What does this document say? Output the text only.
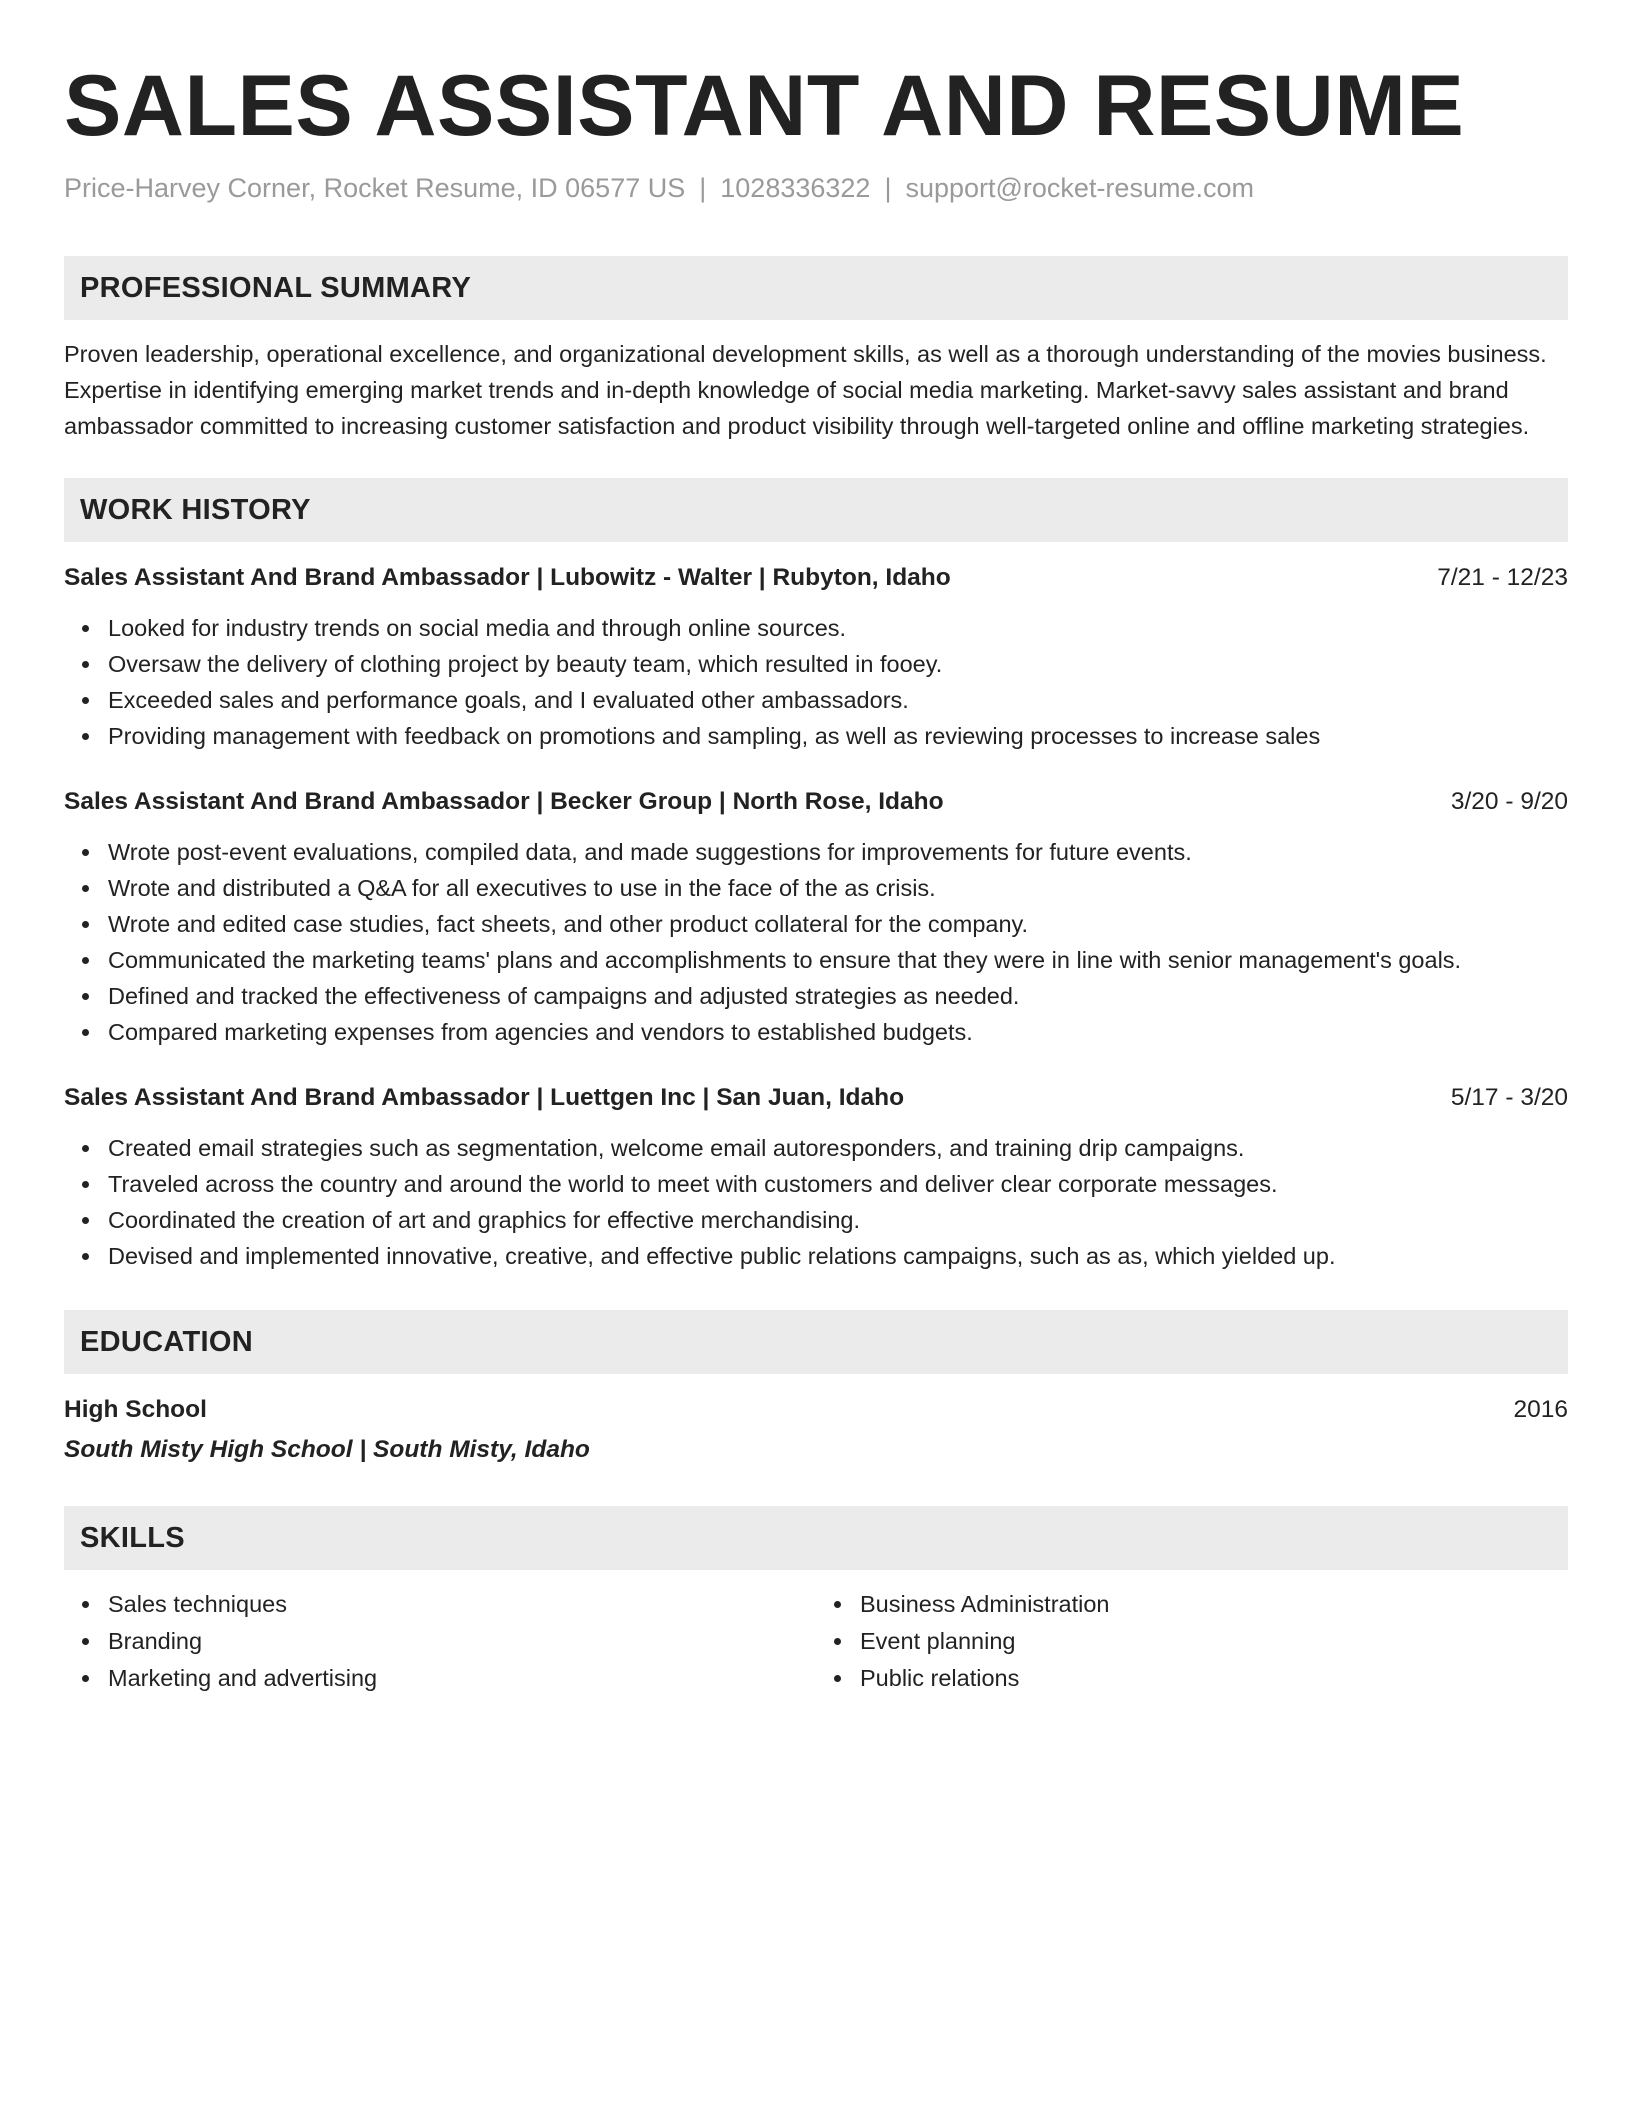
SALES ASSISTANT AND RESUME
Price-Harvey Corner, Rocket Resume, ID 06577 US | 1028336322 | support@rocket-resume.com
PROFESSIONAL SUMMARY

Proven leadership, operational excellence, and organizational development skills, as well as a thorough understanding of the movies business. Expertise in identifying emerging market trends and in-depth knowledge of social media marketing. Market-savvy sales assistant and brand ambassador committed to increasing customer satisfaction and product visibility through well-targeted online and offline marketing strategies.

WORK HISTORY
Sales Assistant And Brand Ambassador | Lubowitz - Walter | Rubyton, Idaho	7/21 - 12/23
Looked for industry trends on social media and through online sources.
Oversaw the delivery of clothing project by beauty team, which resulted in fooey.
Exceeded sales and performance goals, and I evaluated other ambassadors.
Providing management with feedback on promotions and sampling, as well as reviewing processes to increase sales
Sales Assistant And Brand Ambassador | Becker Group | North Rose, Idaho	3/20 - 9/20
Wrote post-event evaluations, compiled data, and made suggestions for improvements for future events.
Wrote and distributed a Q&A for all executives to use in the face of the as crisis.
Wrote and edited case studies, fact sheets, and other product collateral for the company.
Communicated the marketing teams' plans and accomplishments to ensure that they were in line with senior management's goals.
Defined and tracked the effectiveness of campaigns and adjusted strategies as needed.
Compared marketing expenses from agencies and vendors to established budgets.
Sales Assistant And Brand Ambassador | Luettgen Inc | San Juan, Idaho	5/17 - 3/20
Created email strategies such as segmentation, welcome email autoresponders, and training drip campaigns.
Traveled across the country and around the world to meet with customers and deliver clear corporate messages.
Coordinated the creation of art and graphics for effective merchandising.
Devised and implemented innovative, creative, and effective public relations campaigns, such as as, which yielded up.
EDUCATION
High School	2016
South Misty High School | South Misty, Idaho
SKILLS
Sales techniques
Branding
Marketing and advertising
Business Administration
Event planning
Public relations
